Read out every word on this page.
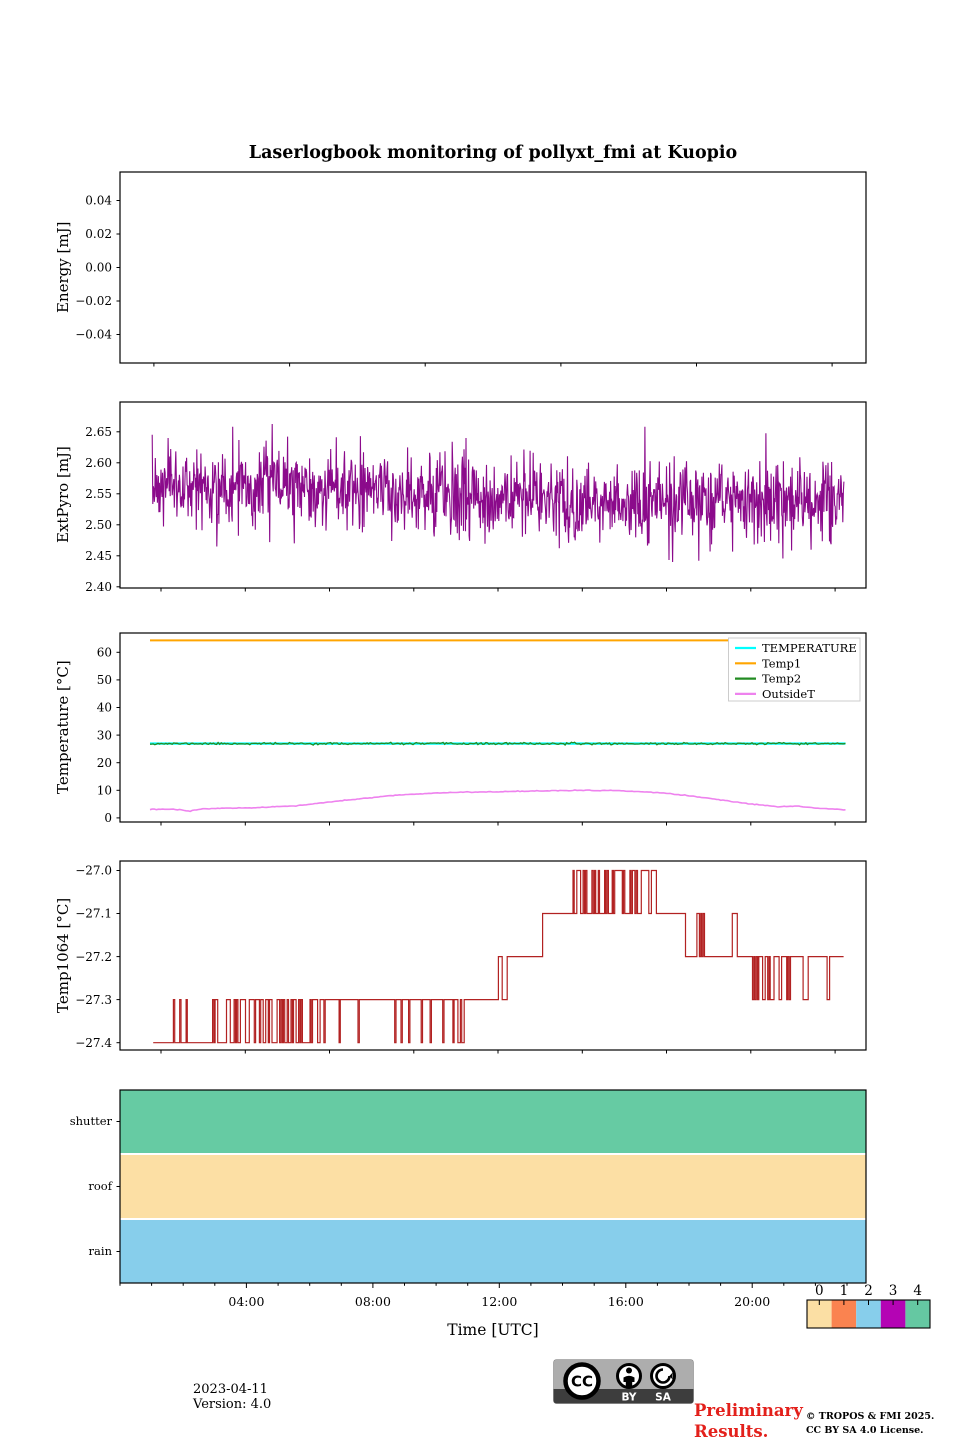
Laserlogbook monitoring of pollyxt_fmi at Kuopio
Energy [mJ]
ExtPyro [mJ]
Temperature [°C]
Temp1064 [°C]
0.04
0.02
0.00
−0.02
−0.04
2.65
2.60
2.55
2.50
2.45
2.40
TEMPERATURE
Temp1
Temp2
OutsideT
60
50
40
30
20
10
0
−27.0
−27.1
−27.2
−27.3
−27.4
shutter
roof
rain
04:00	08:00	12:00	16:00	20:00
0 1 2 3 4
Time [UTC]
2023-04-11
Version: 4.0
CC
BY SA
Preliminary
Results.
© TROPOS & FMI 2025.
CC BY SA 4.0 License.
